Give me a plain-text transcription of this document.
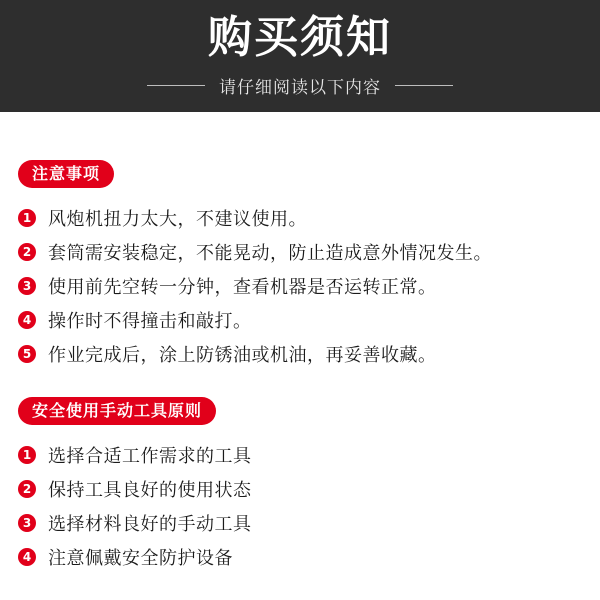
购买须知
请仔细阅读以下内容
注意事项
1 风炮机扭力太大，不建议使用。
2 套筒需安装稳定，不能晃动，防止造成意外情况发生。
3 使用前先空转一分钟，查看机器是否运转正常。
4 操作时不得撞击和敲打。
5 作业完成后，涂上防锈油或机油，再妥善收藏。
安全使用手动工具原则
1 选择合适工作需求的工具
2 保持工具良好的使用状态
3 选择材料良好的手动工具
4 注意佩戴安全防护设备
